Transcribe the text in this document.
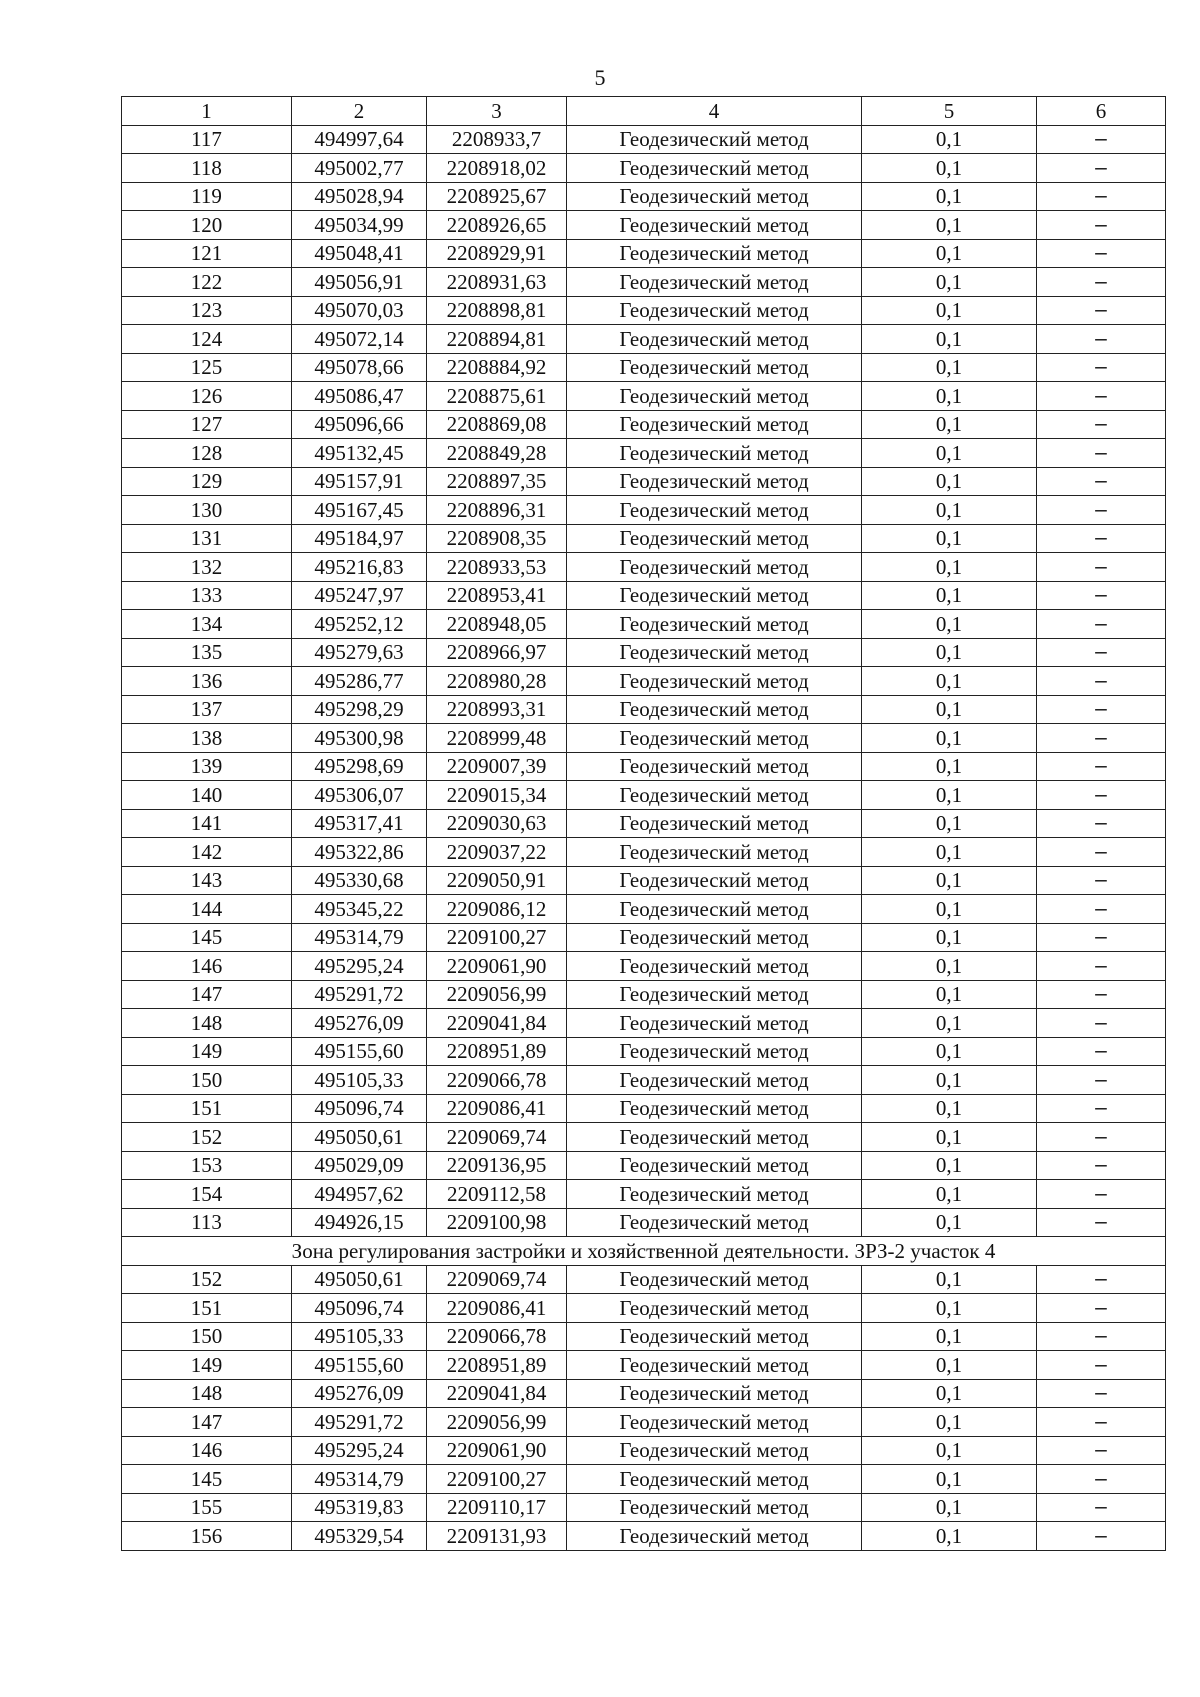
5
1	2	3	4	5	6
117	494997,64	2208933,7	Геодезический метод	0,1	–
118	495002,77	2208918,02	Геодезический метод	0,1	–
119	495028,94	2208925,67	Геодезический метод	0,1	–
120	495034,99	2208926,65	Геодезический метод	0,1	–
121	495048,41	2208929,91	Геодезический метод	0,1	–
122	495056,91	2208931,63	Геодезический метод	0,1	–
123	495070,03	2208898,81	Геодезический метод	0,1	–
124	495072,14	2208894,81	Геодезический метод	0,1	–
125	495078,66	2208884,92	Геодезический метод	0,1	–
126	495086,47	2208875,61	Геодезический метод	0,1	–
127	495096,66	2208869,08	Геодезический метод	0,1	–
128	495132,45	2208849,28	Геодезический метод	0,1	–
129	495157,91	2208897,35	Геодезический метод	0,1	–
130	495167,45	2208896,31	Геодезический метод	0,1	–
131	495184,97	2208908,35	Геодезический метод	0,1	–
132	495216,83	2208933,53	Геодезический метод	0,1	–
133	495247,97	2208953,41	Геодезический метод	0,1	–
134	495252,12	2208948,05	Геодезический метод	0,1	–
135	495279,63	2208966,97	Геодезический метод	0,1	–
136	495286,77	2208980,28	Геодезический метод	0,1	–
137	495298,29	2208993,31	Геодезический метод	0,1	–
138	495300,98	2208999,48	Геодезический метод	0,1	–
139	495298,69	2209007,39	Геодезический метод	0,1	–
140	495306,07	2209015,34	Геодезический метод	0,1	–
141	495317,41	2209030,63	Геодезический метод	0,1	–
142	495322,86	2209037,22	Геодезический метод	0,1	–
143	495330,68	2209050,91	Геодезический метод	0,1	–
144	495345,22	2209086,12	Геодезический метод	0,1	–
145	495314,79	2209100,27	Геодезический метод	0,1	–
146	495295,24	2209061,90	Геодезический метод	0,1	–
147	495291,72	2209056,99	Геодезический метод	0,1	–
148	495276,09	2209041,84	Геодезический метод	0,1	–
149	495155,60	2208951,89	Геодезический метод	0,1	–
150	495105,33	2209066,78	Геодезический метод	0,1	–
151	495096,74	2209086,41	Геодезический метод	0,1	–
152	495050,61	2209069,74	Геодезический метод	0,1	–
153	495029,09	2209136,95	Геодезический метод	0,1	–
154	494957,62	2209112,58	Геодезический метод	0,1	–
113	494926,15	2209100,98	Геодезический метод	0,1	–
Зона регулирования застройки и хозяйственной деятельности. ЗРЗ-2 участок 4					
152	495050,61	2209069,74	Геодезический метод	0,1	–
151	495096,74	2209086,41	Геодезический метод	0,1	–
150	495105,33	2209066,78	Геодезический метод	0,1	–
149	495155,60	2208951,89	Геодезический метод	0,1	–
148	495276,09	2209041,84	Геодезический метод	0,1	–
147	495291,72	2209056,99	Геодезический метод	0,1	–
146	495295,24	2209061,90	Геодезический метод	0,1	–
145	495314,79	2209100,27	Геодезический метод	0,1	–
155	495319,83	2209110,17	Геодезический метод	0,1	–
156	495329,54	2209131,93	Геодезический метод	0,1	–
